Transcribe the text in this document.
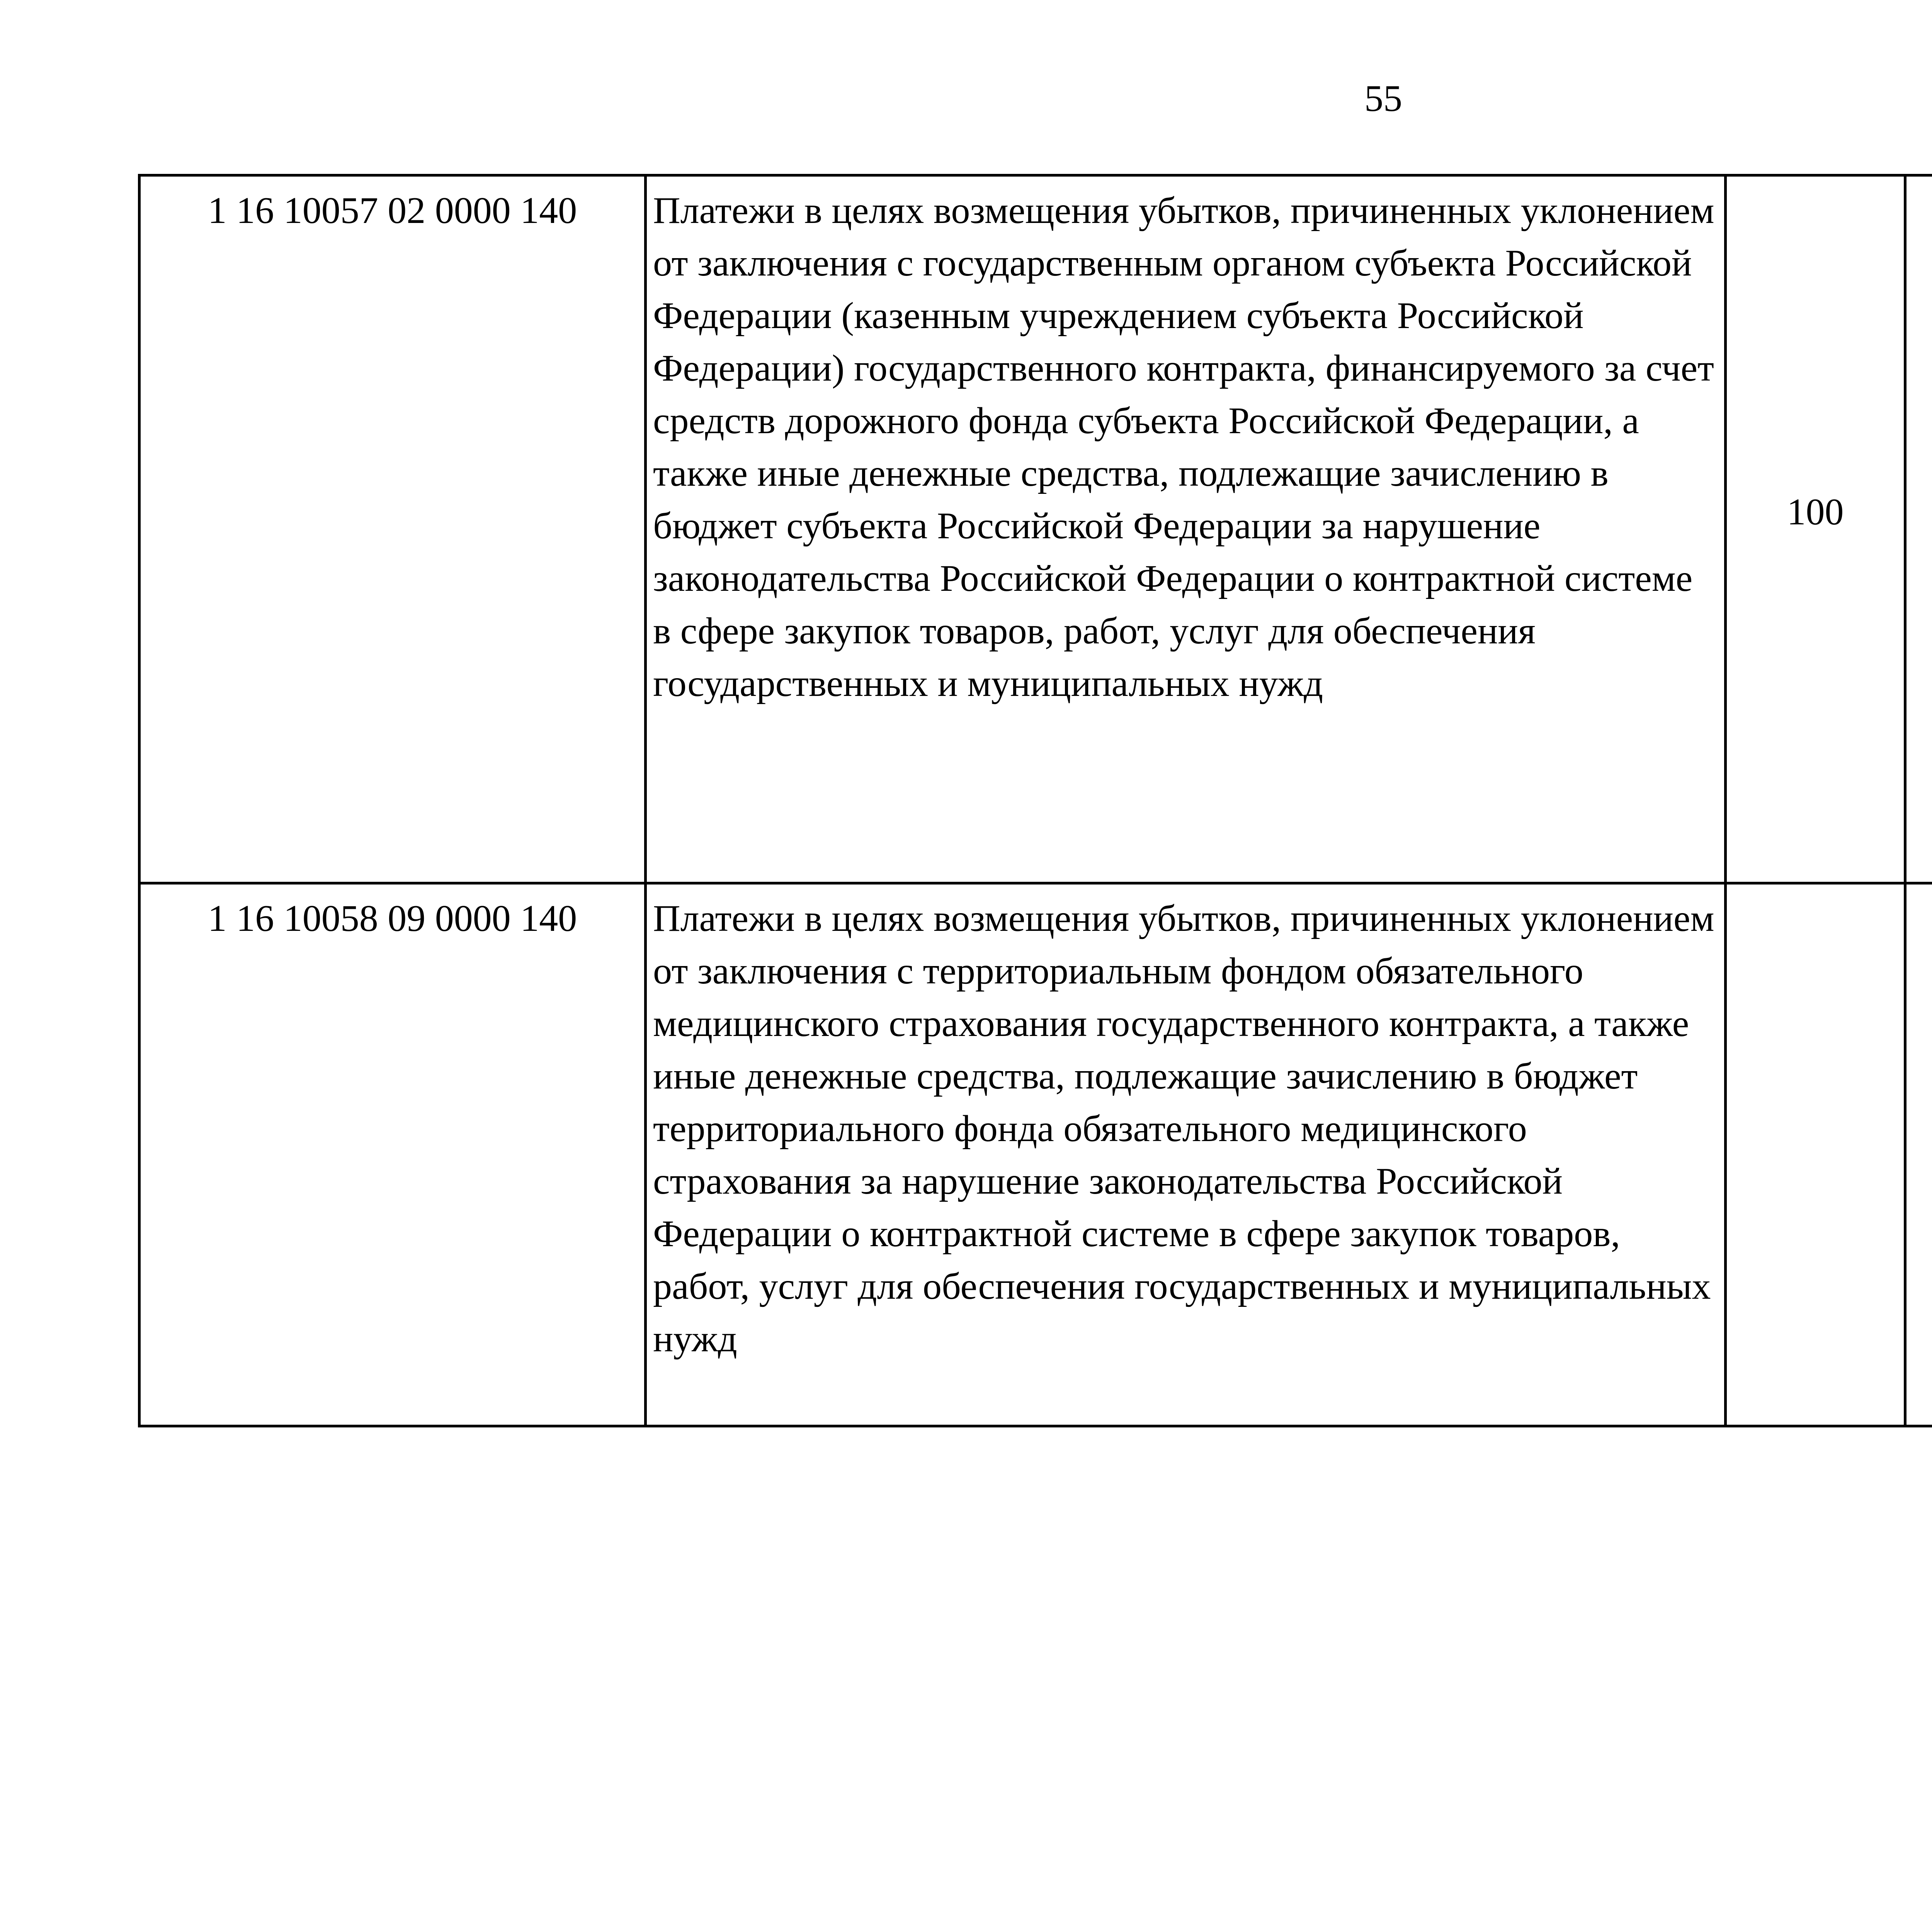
55
1 16 10057 02 0000 140	Платежи в целях возмещения убытков, причиненных уклонением от заключения с государственным органом субъекта Российской Федерации (казенным учреждением субъекта Российской Федерации) государственного контракта, финансируемого за счет средств дорожного фонда субъекта Российской Федерации, а также иные денежные средства, подлежащие зачислению в бюджет субъекта Российской Федерации за нарушение законодательства Российской Федерации о контрактной системе в сфере закупок товаров, работ, услуг для обеспечения государственных и муниципальных нужд	100				
1 16 10058 09 0000 140	Платежи в целях возмещения убытков, причиненных уклонением от заключения с территориальным фондом обязательного медицинского страхования государственного контракта, а также иные денежные средства, подлежащие зачислению в бюджет территориального фонда обязательного медицинского страхования за нарушение законодательства Российской Федерации о контрактной системе в сфере закупок товаров, работ, услуг для обеспечения государственных и муниципальных нужд					
